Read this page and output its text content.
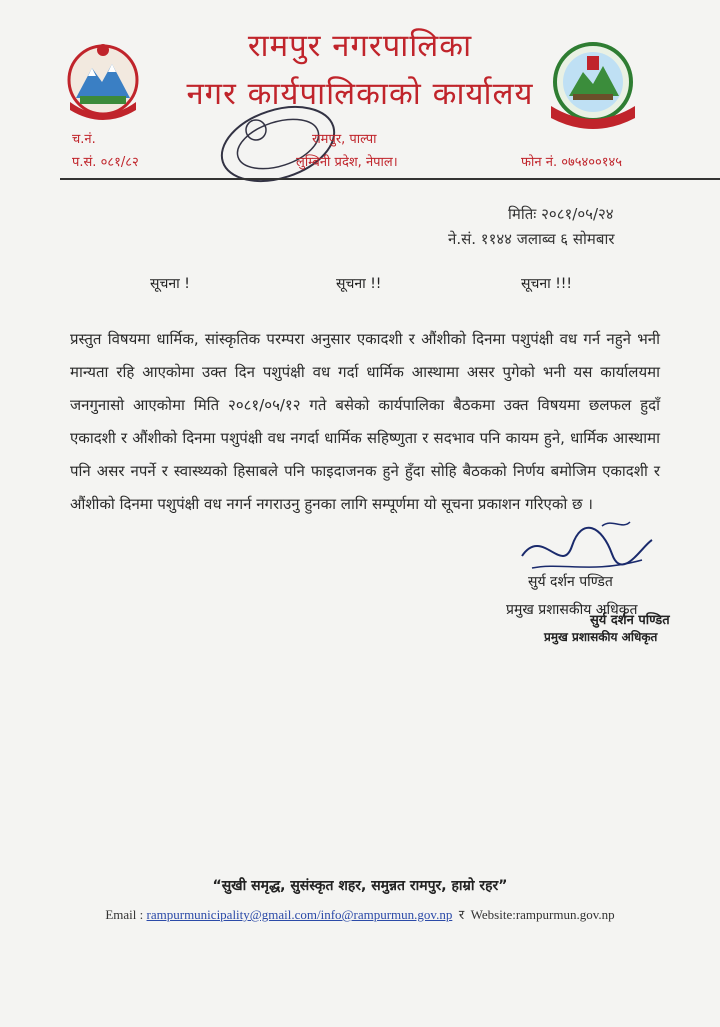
रामपुर नगरपालिका
नगर कार्यपालिकाको कार्यालय
च.नं.
प.सं. ०८१/८२
रामपुर, पाल्पा
लुम्बिनी प्रदेश, नेपाल।	फोन नं. ०७५४००१४५
मितिः २०८१/०५/२४
ने.सं. ११४४ जलाब्व ६ सोमबार
सूचना !	सूचना !!	सूचना !!!
प्रस्तुत विषयमा धार्मिक, सांस्कृतिक परम्परा अनुसार एकादशी र औंशीको दिनमा पशुपंक्षी वध गर्न नहुने भनी मान्यता रहि आएकोमा उक्त दिन पशुपंक्षी वध गर्दा धार्मिक आस्थामा असर पुगेको भनी यस कार्यालयमा जनगुनासो आएकोमा मिति २०८१/०५/१२ गते बसेको कार्यपालिका बैठकमा उक्त विषयमा छलफल हुदाँ एकादशी र औंशीको दिनमा पशुपंक्षी वध नगर्दा धार्मिक सहिष्णुता र सदभाव पनि कायम हुने, धार्मिक आस्थामा पनि असर नपर्ने र स्वास्थ्यको हिसाबले पनि फाइदाजनक हुने हुँदा सोहि बैठकको निर्णय बमोजिम एकादशी र औंशीको दिनमा पशुपंक्षी वध नगर्न नगराउनु हुनका लागि सम्पूर्णमा यो सूचना प्रकाशन गरिएको छ ।
सुर्य दर्शन पण्डित
प्रमुख प्रशासकीय अधिकृत
सुर्य दर्शन पण्डित
प्रमुख प्रशासकीय अधिकृत
“सुखी समृद्ध, सुसंस्कृत शहर, समुन्नत रामपुर, हाम्रो रहर”
Email : rampurmunicipality@gmail.com/info@rampurmun.gov.np र Website:rampurmun.gov.np
